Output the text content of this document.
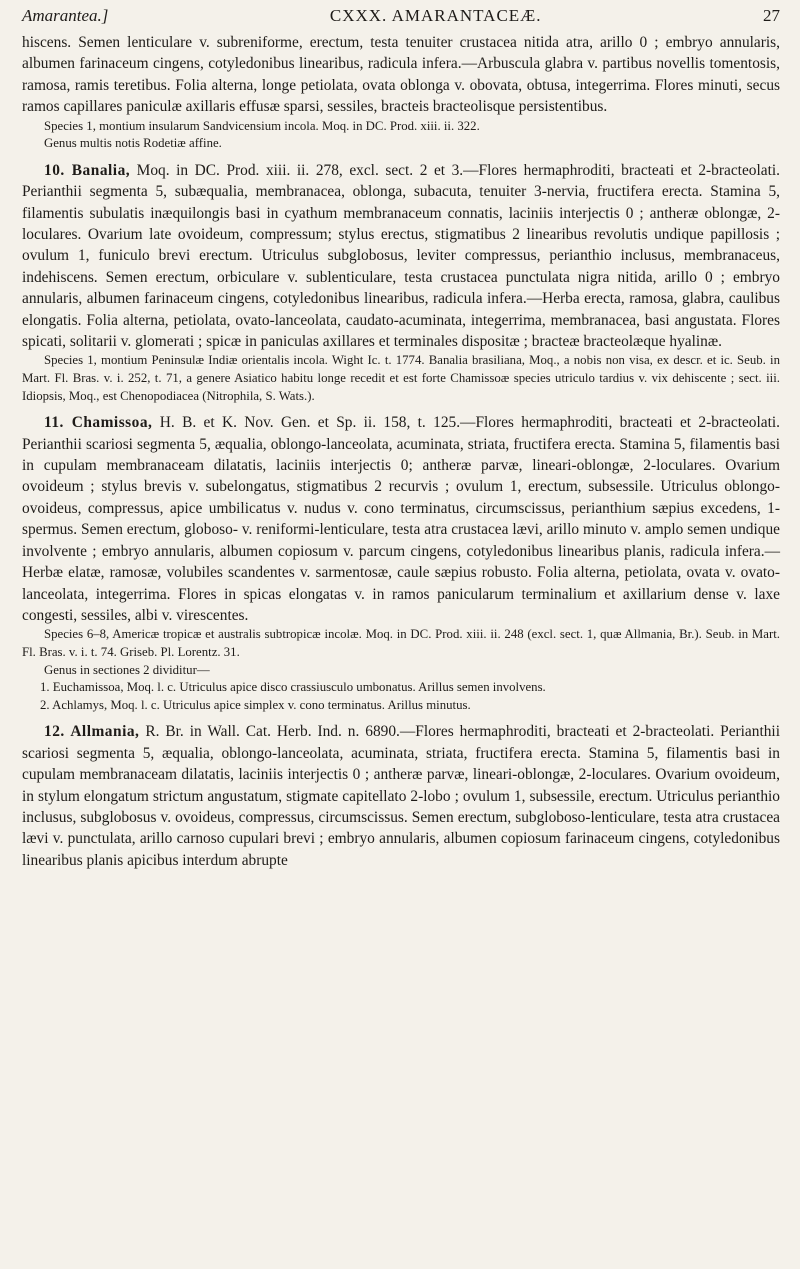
Amarantea.]	CXXX. AMARANTACEÆ.	27

hiscens. Semen lenticulare v. subreniforme, erectum, testa tenuiter crustacea nitida atra, arillo 0 ; embryo annularis, albumen farinaceum cingens, cotyledonibus linearibus, radicula infera.—Arbuscula glabra v. partibus novellis tomentosis, ramosa, ramis teretibus. Folia alterna, longe petiolata, ovata oblonga v. obovata, obtusa, integerrima. Flores minuti, secus ramos capillares paniculæ axillaris effusæ sparsi, sessiles, bracteis bracteolisque persistentibus.

Species 1, montium insularum Sandvicensium incola. Moq. in DC. Prod. xiii. ii. 322.

Genus multis notis Rodetiæ affine.

10. Banalia, Moq. in DC. Prod. xiii. ii. 278, excl. sect. 2 et 3.—Flores hermaphroditi, bracteati et 2-bracteolati. Perianthii segmenta 5, subæqualia, membranacea, oblonga, subacuta, tenuiter 3-nervia, fructifera erecta. Stamina 5, filamentis subulatis inæquilongis basi in cyathum membranaceum connatis, laciniis interjectis 0 ; antheræ oblongæ, 2-loculares. Ovarium late ovoideum, compressum; stylus erectus, stigmatibus 2 linearibus revolutis undique papillosis ; ovulum 1, funiculo brevi erectum. Utriculus subglobosus, leviter compressus, perianthio inclusus, membranaceus, indehiscens. Semen erectum, orbiculare v. sublenticulare, testa crustacea punctulata nigra nitida, arillo 0 ; embryo annularis, albumen farinaceum cingens, cotyledonibus linearibus, radicula infera.—Herba erecta, ramosa, glabra, caulibus elongatis. Folia alterna, petiolata, ovato-lanceolata, caudato-acuminata, integerrima, membranacea, basi angustata. Flores spicati, solitarii v. glomerati ; spicæ in paniculas axillares et terminales dispositæ ; bracteæ bracteolæque hyalinæ.

Species 1, montium Peninsulæ Indiæ orientalis incola. Wight Ic. t. 1774. Banalia brasiliana, Moq., a nobis non visa, ex descr. et ic. Seub. in Mart. Fl. Bras. v. i. 252, t. 71, a genere Asiatico habitu longe recedit et est forte Chamissoæ species utriculo tardius v. vix dehiscente ; sect. iii. Idiopsis, Moq., est Chenopodiacea (Nitrophila, S. Wats.).

11. Chamissoa, H. B. et K. Nov. Gen. et Sp. ii. 158, t. 125.—Flores hermaphroditi, bracteati et 2-bracteolati. Perianthii scariosi segmenta 5, æqualia, oblongo-lanceolata, acuminata, striata, fructifera erecta. Stamina 5, filamentis basi in cupulam membranaceam dilatatis, laciniis interjectis 0; antheræ parvæ, lineari-oblongæ, 2-loculares. Ovarium ovoideum ; stylus brevis v. subelongatus, stigmatibus 2 recurvis ; ovulum 1, erectum, subsessile. Utriculus oblongo-ovoideus, compressus, apice umbilicatus v. nudus v. cono terminatus, circumscissus, perianthium sæpius excedens, 1-spermus. Semen erectum, globoso- v. reniformi-lenticulare, testa atra crustacea lævi, arillo minuto v. amplo semen undique involvente ; embryo annularis, albumen copiosum v. parcum cingens, cotyledonibus linearibus planis, radicula infera.—Herbæ elatæ, ramosæ, volubiles scandentes v. sarmentosæ, caule sæpius robusto. Folia alterna, petiolata, ovata v. ovato-lanceolata, integerrima. Flores in spicas elongatas v. in ramos panicularum terminalium et axillarium dense v. laxe congesti, sessiles, albi v. virescentes.

Species 6–8, Americæ tropicæ et australis subtropicæ incolæ. Moq. in DC. Prod. xiii. ii. 248 (excl. sect. 1, quæ Allmania, Br.). Seub. in Mart. Fl. Bras. v. i. t. 74. Griseb. Pl. Lorentz. 31.

Genus in sectiones 2 dividitur—

1. Euchamissoa, Moq. l. c. Utriculus apice disco crassiusculo umbonatus. Arillus semen involvens.

2. Achlamys, Moq. l. c. Utriculus apice simplex v. cono terminatus. Arillus minutus.

12. Allmania, R. Br. in Wall. Cat. Herb. Ind. n. 6890.—Flores hermaphroditi, bracteati et 2-bracteolati. Perianthii scariosi segmenta 5, æqualia, oblongo-lanceolata, acuminata, striata, fructifera erecta. Stamina 5, filamentis basi in cupulam membranaceam dilatatis, laciniis interjectis 0 ; antheræ parvæ, lineari-oblongæ, 2-loculares. Ovarium ovoideum, in stylum elongatum strictum angustatum, stigmate capitellato 2-lobo ; ovulum 1, subsessile, erectum. Utriculus perianthio inclusus, subglobosus v. ovoideus, compressus, circumscissus. Semen erectum, subgloboso-lenticulare, testa atra crustacea lævi v. punctulata, arillo carnoso cupulari brevi ; embryo annularis, albumen copiosum farinaceum cingens, cotyledonibus linearibus planis apicibus interdum abrupte
